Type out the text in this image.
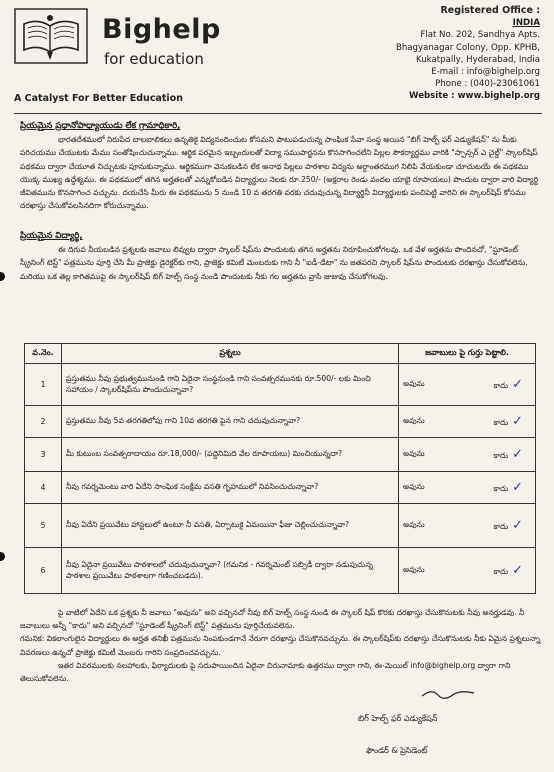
Bighelp
for education
A Catalyst For Better Education
Registered Office :
INDIA
Flat No. 202, Sandhya Apts.
Bhagyanagar Colony, Opp. KPHB,
Kukatpally, Hyderabad, India
E-mail : info@bighelp.org
Phone : (040)-23061061
Website : www.bighelp.org
ప్రియమైన ప్రధానోపాధ్యాయుడు లేక గ్రామాధికారి,
భారతదేశములో నిరుపేద బాలబాలికలు ఉన్నతికై విద్యనందించుట కోసమని పాటుపడుచున్న సాంఘిక సేవా సంస్థ అయిన "బిగ్ హెల్ప్ ఫర్ ఎడ్యుకేషన్" ను మీకు పరిచయము చేయుటకు మేము సంతోషించుచున్నాము. ఆర్థిక పరమైన ఇబ్బందులతో విద్యా సముపార్జనను కొనసాగించలేని పిల్లల సౌకర్యార్థము వారికి "స్పాన్సర్ ఎ చైల్డ్" స్కాలర్‌షిప్ పథకము ద్వారా చేయూత నిచ్చుటకు పూనుకున్నాము. ఆర్థికముగా వెనుకబడిన లేక అనాథ పిల్లలు పాఠశాల విద్యను అర్ధాంతరముగ నిలిపి వేయకుండా చూచుటయే ఈ పథకము యొక్క ముఖ్య ఉద్దేశ్యము. ఈ పథకములో తగిన అర్హతలతో ఎన్నుకోబడిన విద్యార్థులు నెలకు రూ.250/- (అక్షరాల రెండు వందల యాభై రూపాయలు) పొందుట ద్వారా వారి విద్యార్థి జీవితమును కొనసాగించ వచ్చును. దయచేసి మీరు ఈ పథకమును 5 నుండి 10 వ తరగతి వరకు చదువుచున్న విద్యార్థినీ విద్యార్థులకు పంచిపెట్టి వారిని ఈ స్కాలర్‌షిప్ కోసము దరఖాస్తు చేసుకోవలసినదిగా కోరుచున్నాము.
ప్రియమైన విద్యార్థి,
ఈ దిగువ నీయబడిన ప్రశ్నలకు జవాబు లివ్వుట ద్వారా స్కాలర్ షిప్‌ను పొందుటకు తగిన అర్హతను నిరూపించుకోగలవు. ఒక వేళ అర్హతను పొందినచో, "స్టూడెంట్ స్క్రీనింగ్ టెస్ట్" పత్రమును పూర్తి చేసి మీ ప్రాజెక్టు డైరెక్టర్‌కు గాని, ప్రాజెక్టు కమిటీ మెంబరుకు గాని నీ "ఐడీ-డేటా" ను జతపరచి స్కాలర్ షిప్‌ను పొందుటకు దరఖాస్తు చేసుకోవలెను. మరియు ఒక తెల్ల కాగితముపై ఈ స్కాలర్‌షిప్ బిగ్ హెల్ప్ సంస్థ నుండి పొందుటకు నీకు గల అర్హతను వ్రాసి జుజువు చేసుకోగలవు.
వ.నెం.	ప్రశ్నలు	జవాబులు పై గుర్తు పెట్టాలి.
1	ప్రస్తుతము నీవు ప్రభుత్వమునుండి గాని ఏదైనా సంస్థనుండి గాని సంవత్సరమునకు రూ.500/- లకు మించి సహాయం / స్కాలర్‌షిప్‌ను పొందుచున్నావా?	అవును కాదు ✓

2	ప్రస్తుతము నీవు 5వ తరగతిలోపు గాని 10వ తరగతి పైన గాని చదువుచున్నావా?	అవును కాదు ✓

3	మీ కుటుంబ సంవత్సరాదాయం రూ.18,000/- (పద్దెనిమిది వేల రూపాయలు) మించియున్నదా?	అవును కాదు ✓

4	నీవు గవర్నమెంటు వారి ఏదేని సాంఘిక సంక్షేమ వసతి గృహములో నివసించుచున్నావా?	అవును కాదు ✓

5	నీవు ఏదేని ప్రయివేటు హాస్టలులో ఉంటూ నీ వసతి, ఏర్పాటుకై ఏమయినా ఫీజు చెల్లించుచున్నావా?	అవును కాదు ✓

6	నీవు ఏదైనా ప్రయివేటు పాఠశాలలో చదువుచున్నావా? (గమనిక - గవర్నమెంట్ సబ్సిడీ ద్వారా నడుపుచున్న పాఠశాల ప్రయివేటు పాఠశాలగా గణించబడదు).	అవును కాదు ✓
పై వాటిలో ఏదేని ఒక ప్రశ్నకు నీ జవాబు "అవును" అని వచ్చినచో నీవు బిగ్ హెల్ప్ సంస్థ నుండి ఈ స్కాలర్ షిప్ కొరకు దరఖాస్తు చేసుకొనుటకు నీవు అనర్హుడవు. నీ జవాబులు అన్నీ "కాదు" అని వచ్చినచో "స్టూడెంట్ స్క్రీనింగ్ టెస్ట్" పత్రమును పూర్తిచేయవలెను.
గమనిక: వికలాంగులైన విద్యార్థులు ఈ అర్హత తనిఖీ పత్రమును నింపకుండగానే నేరుగా దరఖాస్తు చేసుకొనవచ్చును. ఈ స్కాలర్‌షిప్‌కు దరఖాస్తు చేసుకొనుటకు నీకు ఏమైన ప్రశ్నలున్నా వివరణలు ఉన్నచో ప్రాజెక్టు కమిటీ మెంబరు గారిని సంప్రదించవచ్చును.
ఇతర వివరములకు సలహాలకు, ఫిర్యాదులకు పై సదుపాయిందిన ఏదైనా చిరునామాకు ఉత్తరము ద్వారా గాని, ఈ-మెయిల్ info@bighelp.org ద్వారా గాని తెలుసుకోవలెను.
బిగ్ హెల్ప్ ఫర్ ఎడ్యుకేషన్
ఫౌండర్ & ప్రెసిడెంట్
